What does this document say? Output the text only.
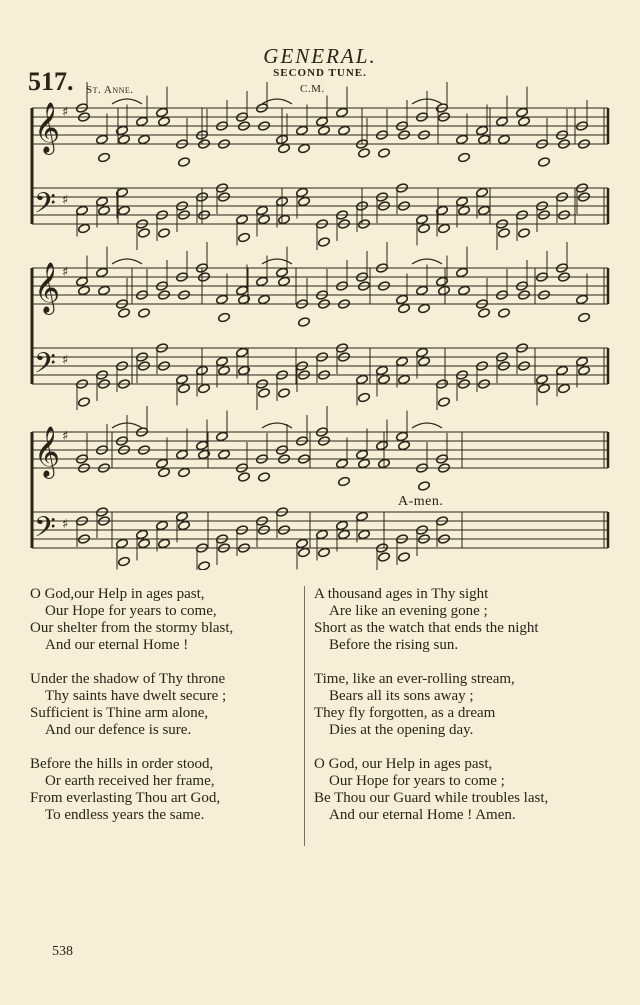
GENERAL.
SECOND TUNE.
517. St. Anne.	C.M.
𝄞 ♯
𝄢 ♯
𝄞 ♯
𝄢 ♯
𝄞 ♯
𝄢 ♯
A-men.
O God,our Help in ages past,
Our Hope for years to come,
Our shelter from the stormy blast,
And our eternal Home !
Under the shadow of Thy throne
Thy saints have dwelt secure ;
Sufficient is Thine arm alone,
And our defence is sure.
Before the hills in order stood,
Or earth received her frame,
From everlasting Thou art God,
To endless years the same.
A thousand ages in Thy sight
Are like an evening gone ;
Short as the watch that ends the night
Before the rising sun.
Time, like an ever-rolling stream,
Bears all its sons away ;
They fly forgotten, as a dream
Dies at the opening day.
O God, our Help in ages past,
Our Hope for years to come ;
Be Thou our Guard while troubles last,
And our eternal Home ! Amen.
538
